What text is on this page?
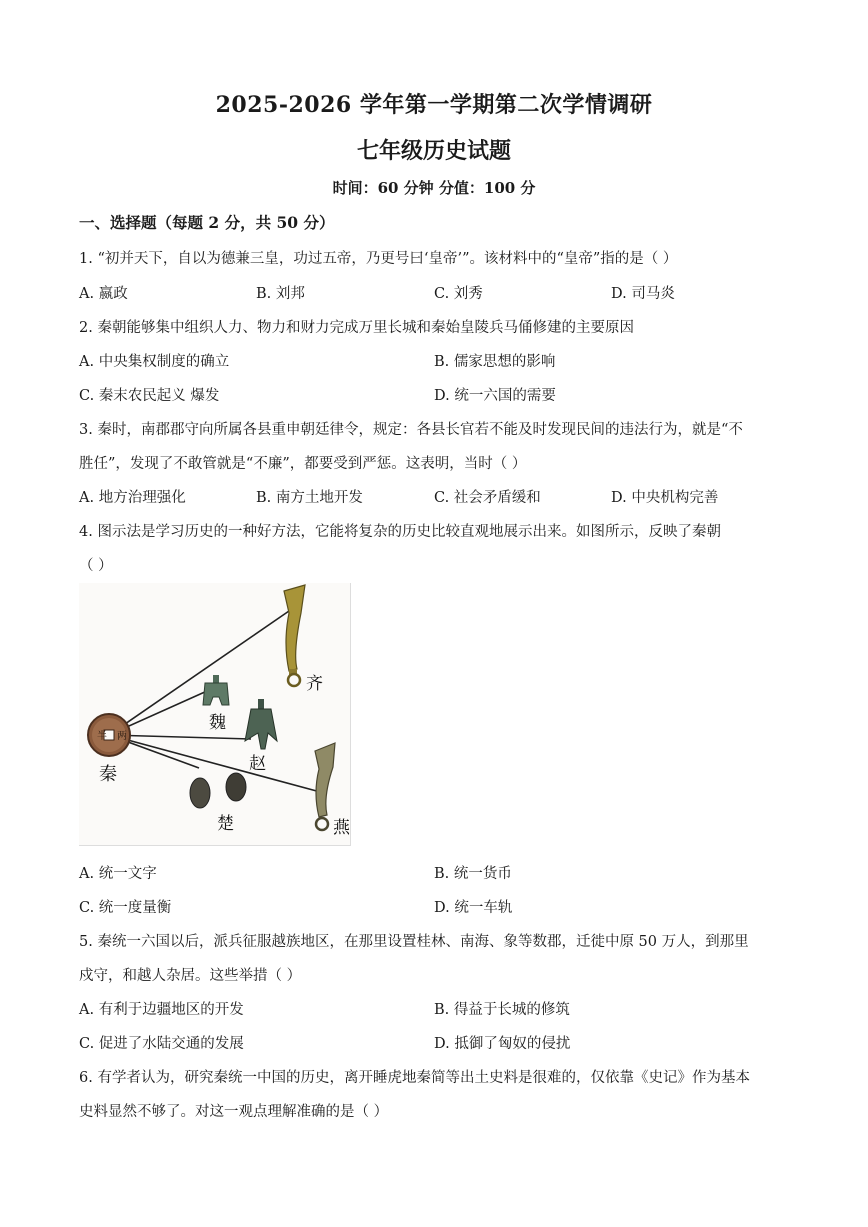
2025-2026 学年第一学期第二次学情调研
七年级历史试题
时间：60 分钟 分值：100 分
一、选择题（每题 2 分，共 50 分）
1. “初并天下，自以为德兼三皇，功过五帝，乃更号曰‘皇帝’”。该材料中的“皇帝”指的是（ ）
A. 嬴政	B. 刘邦	C. 刘秀	D. 司马炎
2. 秦朝能够集中组织人力、物力和财力完成万里长城和秦始皇陵兵马俑修建的主要原因
A. 中央集权制度的确立	B. 儒家思想的影响
C. 秦末农民起义 爆发	D. 统一六国的需要
3. 秦时，南郡郡守向所属各县重申朝廷律令，规定：各县长官若不能及时发现民间的违法行为，就是“不
胜任”，发现了不敢管就是“不廉”，都要受到严惩。这表明，当时（ ）
A. 地方治理强化	B. 南方土地开发	C. 社会矛盾缓和	D. 中央机构完善
4. 图示法是学习历史的一种好方法，它能将复杂的历史比较直观地展示出来。如图所示，反映了秦朝
（ ）
半　两
齐
魏
赵
秦
楚	燕
A. 统一文字	B. 统一货币
C. 统一度量衡	D. 统一车轨
5. 秦统一六国以后，派兵征服越族地区，在那里设置桂林、南海、象等数郡，迁徙中原 50 万人，到那里
戍守，和越人杂居。这些举措（ ）
A. 有利于边疆地区的开发	B. 得益于长城的修筑
C. 促进了水陆交通的发展	D. 抵御了匈奴的侵扰
6. 有学者认为，研究秦统一中国的历史，离开睡虎地秦简等出土史料是很难的，仅依靠《史记》作为基本
史料显然不够了。对这一观点理解准确的是（ ）
